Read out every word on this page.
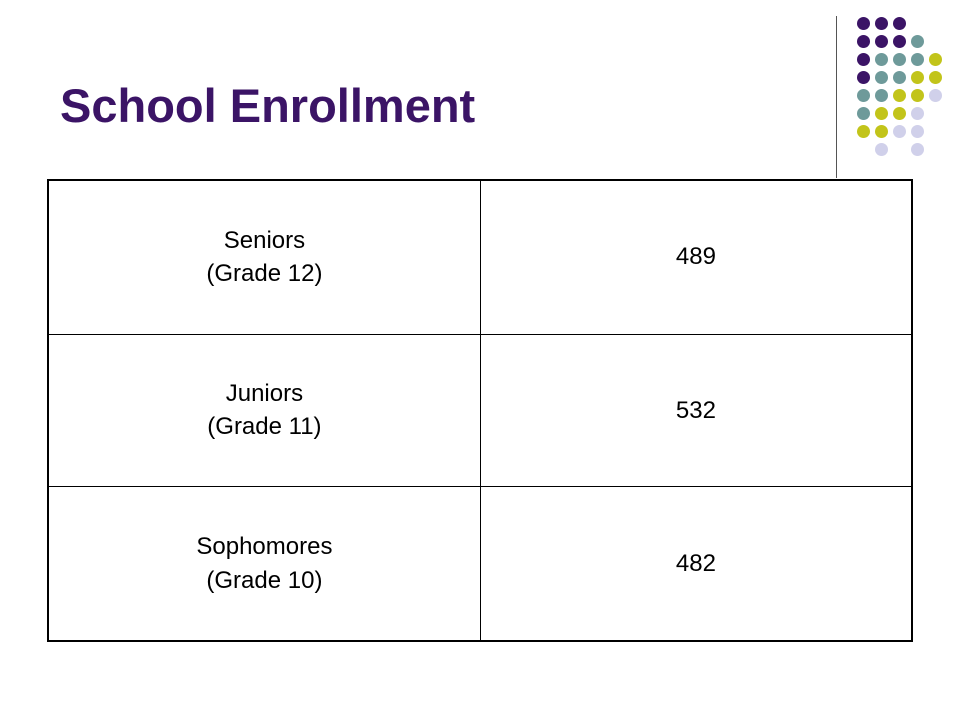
School Enrollment
Seniors
(Grade 12)	489

Juniors
(Grade 11)	532

Sophomores
(Grade 10)	482
